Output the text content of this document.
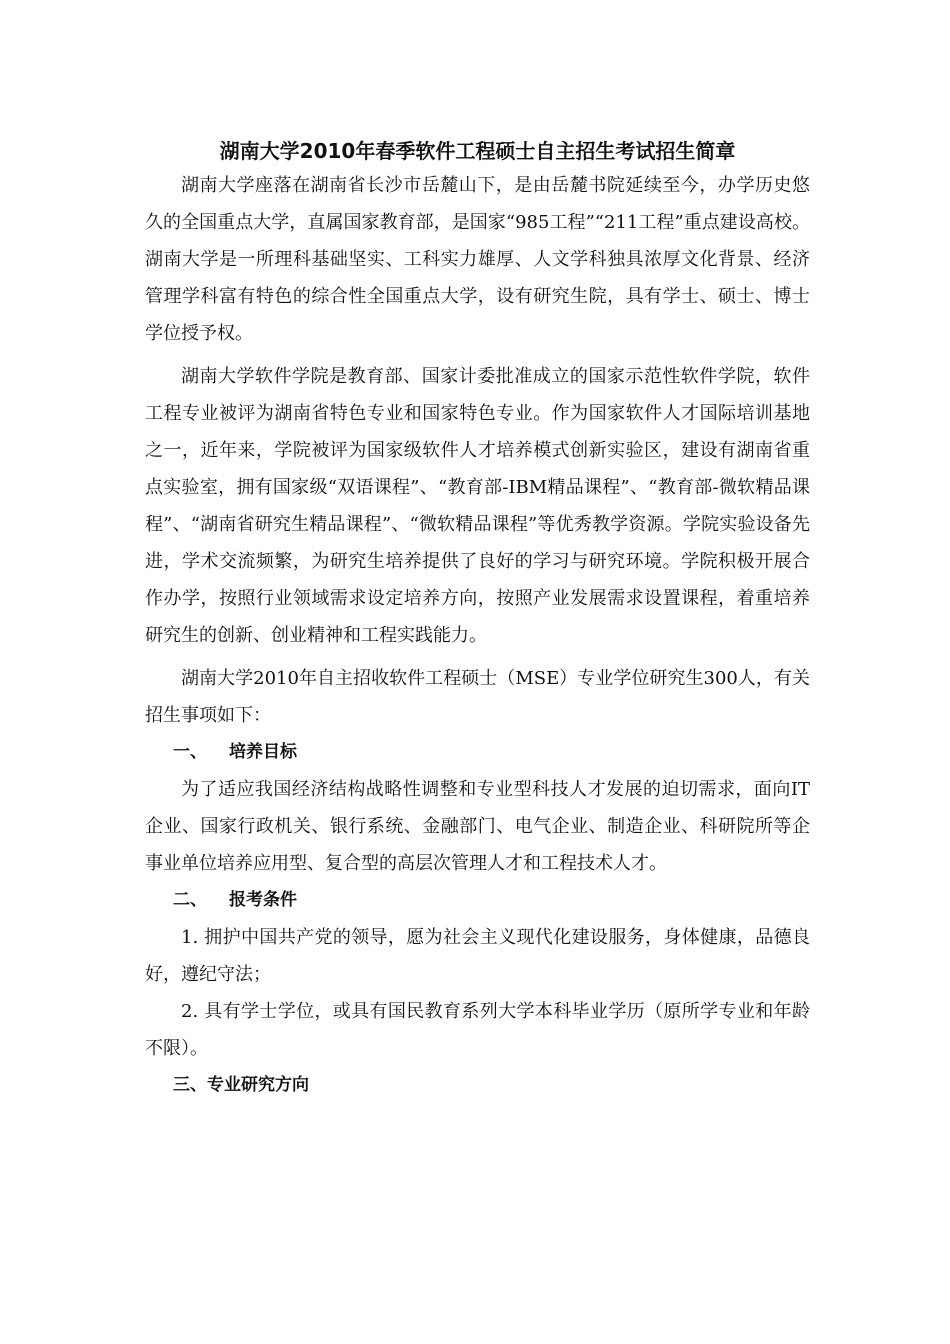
湖南大学2010年春季软件工程硕士自主招生考试招生简章

湖南大学座落在湖南省长沙市岳麓山下，是由岳麓书院延续至今，办学历史悠久的全国重点大学，直属国家教育部，是国家“985工程”“211工程”重点建设高校。湖南大学是一所理科基础坚实、工科实力雄厚、人文学科独具浓厚文化背景、经济管理学科富有特色的综合性全国重点大学，设有研究生院，具有学士、硕士、博士学位授予权。

湖南大学软件学院是教育部、国家计委批准成立的国家示范性软件学院，软件工程专业被评为湖南省特色专业和国家特色专业。作为国家软件人才国际培训基地之一，近年来，学院被评为国家级软件人才培养模式创新实验区，建设有湖南省重点实验室，拥有国家级“双语课程”、“教育部-IBM精品课程”、“教育部-微软精品课程”、“湖南省研究生精品课程”、“微软精品课程”等优秀教学资源。学院实验设备先进，学术交流频繁，为研究生培养提供了良好的学习与研究环境。学院积极开展合作办学，按照行业领域需求设定培养方向，按照产业发展需求设置课程，着重培养研究生的创新、创业精神和工程实践能力。

湖南大学2010年自主招收软件工程硕士（MSE）专业学位研究生300人，有关招生事项如下：

一、 培养目标

为了适应我国经济结构战略性调整和专业型科技人才发展的迫切需求，面向IT企业、国家行政机关、银行系统、金融部门、电气企业、制造企业、科研院所等企事业单位培养应用型、复合型的高层次管理人才和工程技术人才。

二、 报考条件

1. 拥护中国共产党的领导，愿为社会主义现代化建设服务，身体健康，品德良好，遵纪守法；

2. 具有学士学位，或具有国民教育系列大学本科毕业学历（原所学专业和年龄不限）。

三、专业研究方向
